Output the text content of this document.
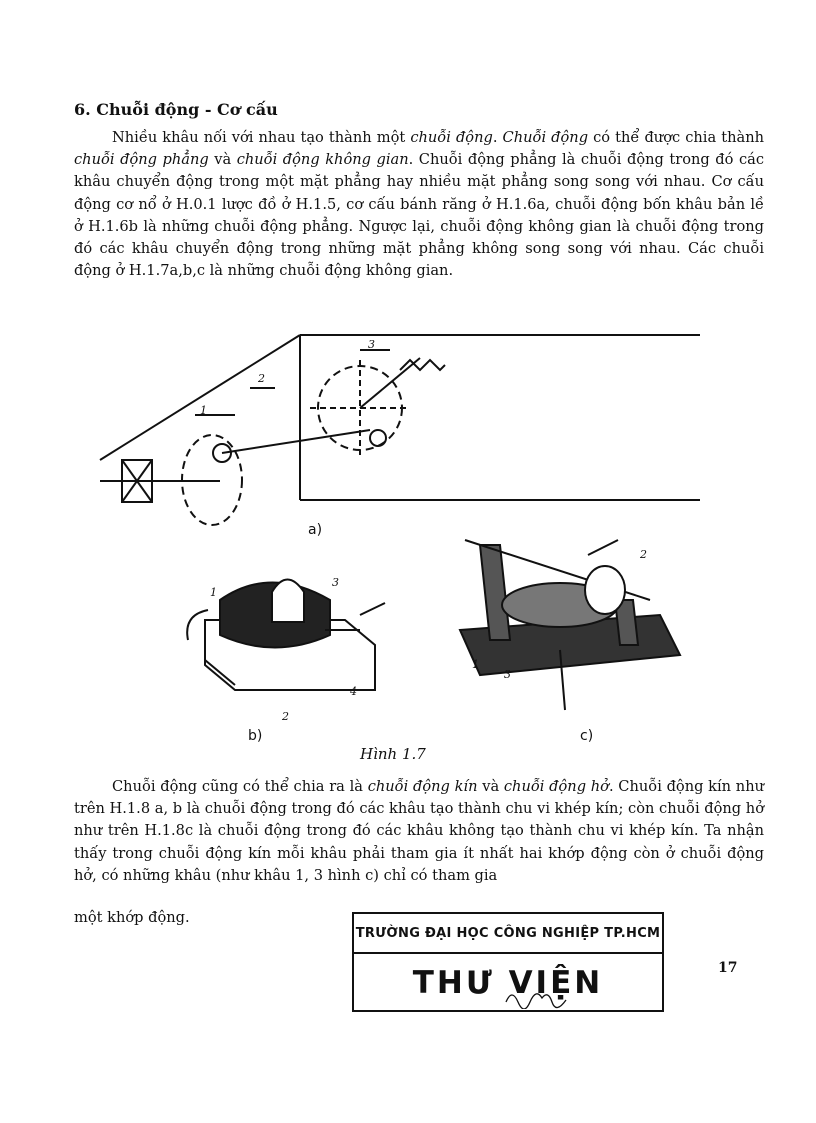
6. Chuỗi động - Cơ cấu

Nhiều khâu nối với nhau tạo thành một chuỗi động. Chuỗi động có thể được chia thành chuỗi động phẳng và chuỗi động không gian. Chuỗi động phẳng là chuỗi động trong đó các khâu chuyển động trong một mặt phẳng hay nhiều mặt phẳng song song với nhau. Cơ cấu động cơ nổ ở H.0.1 lược đồ ở H.1.5, cơ cấu bánh răng ở H.1.6a, chuỗi động bốn khâu bản lề ở H.1.6b là những chuỗi động phẳng. Ngược lại, chuỗi động không gian là chuỗi động trong đó các khâu chuyển động trong những mặt phẳng không song song với nhau. Các chuỗi động ở H.1.7a,b,c là những chuỗi động không gian.

1
2
3
1
2
3
4
1
2
3
a)
b)	c)

Hình 1.7

Chuỗi động cũng có thể chia ra là chuỗi động kín và chuỗi động hở. Chuỗi động kín như trên H.1.8 a, b là chuỗi động trong đó các khâu tạo thành chu vi khép kín; còn chuỗi động hở như trên H.1.8c là chuỗi động trong đó các khâu không tạo thành chu vi khép kín. Ta nhận thấy trong chuỗi động kín mỗi khâu phải tham gia ít nhất hai khớp động còn ở chuỗi động hở, có những khâu (như khâu 1, 3 hình c) chỉ có tham gia

một khớp động.

TRƯỜNG ĐẠI HỌC CÔNG NGHIỆP TP.HCM
THƯ VIỆN	17
